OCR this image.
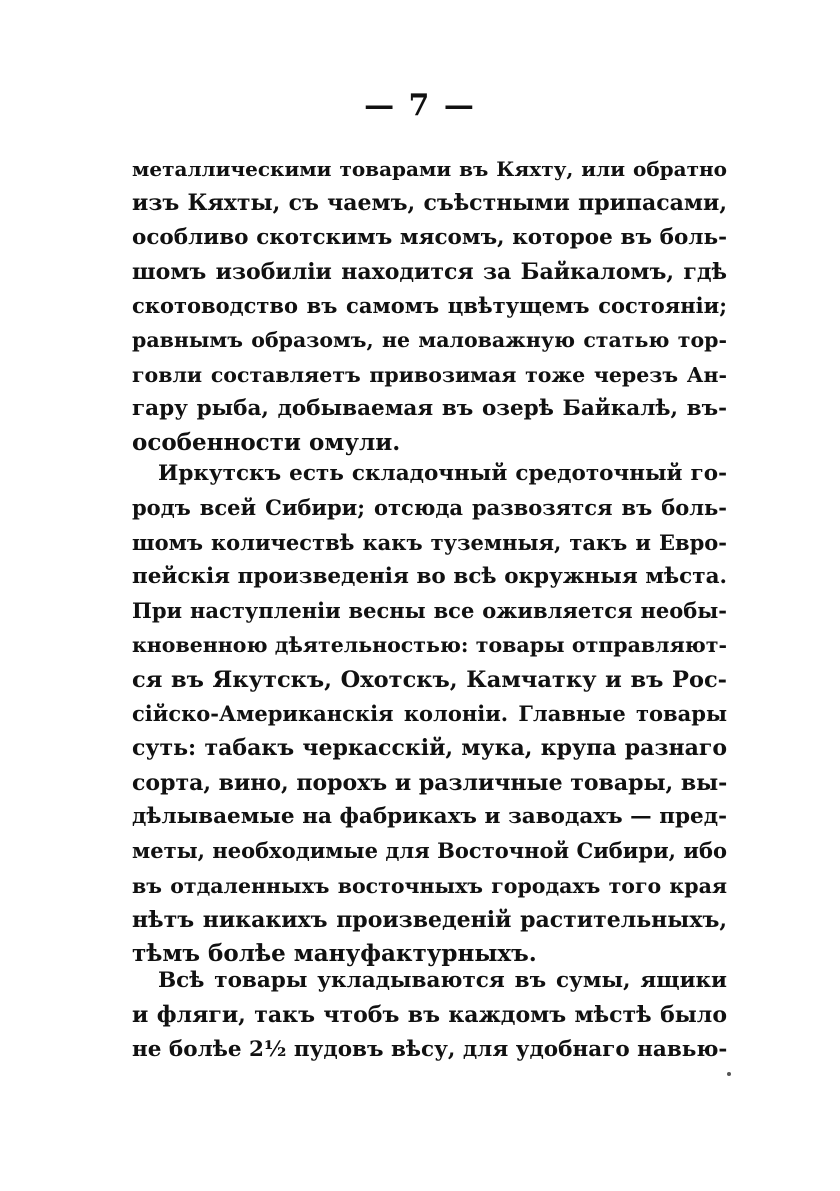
— 7 —
металлическими товарами въ Кяхту, или обратно
изъ Кяхты, съ чаемъ, съѣстными припасами,
особливо скотскимъ мясомъ, которое въ боль-
шомъ изобиліи находится за Байкаломъ, гдѣ
скотоводство въ самомъ цвѣтущемъ состояніи;
равнымъ образомъ, не маловажную статью тор-
говли составляетъ привозимая тоже черезъ Ан-
гару рыба, добываемая въ озерѣ Байкалѣ, въ-
особенности омули.
Иркутскъ есть складочный средоточный го-
родъ всей Сибири; отсюда развозятся въ боль-
шомъ количествѣ какъ туземныя, такъ и Евро-
пейскія произведенія во всѣ окружныя мѣста.
При наступленіи весны все оживляется необы-
кновенною дѣятельностью: товары отправляют-
ся въ Якутскъ, Охотскъ, Камчатку и въ Рос-
сійско-Американскія колоніи. Главные товары
суть: табакъ черкасскій, мука, крупа разнаго
сорта, вино, порохъ и различные товары, вы-
дѣлываемые на фабрикахъ и заводахъ — пред-
меты, необходимые для Восточной Сибири, ибо
въ отдаленныхъ восточныхъ городахъ того края
нѣтъ никакихъ произведеній растительныхъ,
тѣмъ болѣе мануфактурныхъ.
Всѣ товары укладываются въ сумы, ящики
и фляги, такъ чтобъ въ каждомъ мѣстѣ было
не болѣе 2½ пудовъ вѣсу, для удобнаго навью-
